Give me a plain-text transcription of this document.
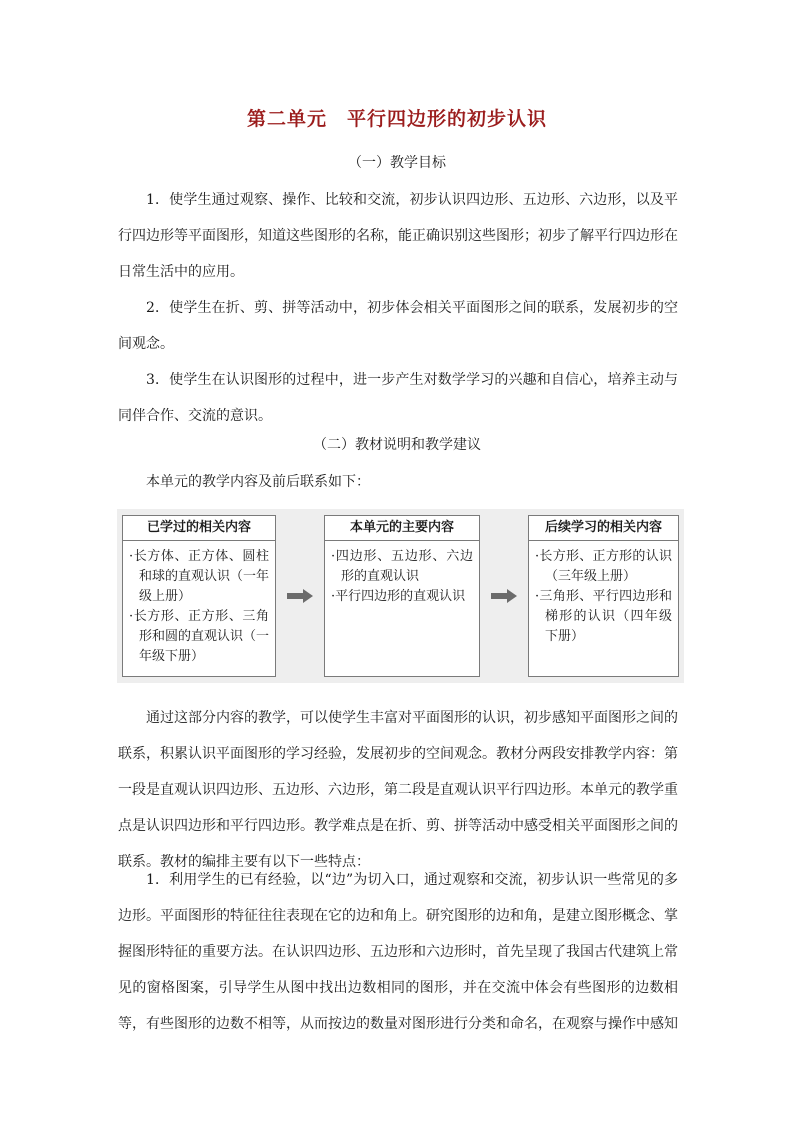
第二单元　平行四边形的初步认识
（一）教学目标

1．使学生通过观察、操作、比较和交流，初步认识四边形、五边形、六边形，以及平行四边形等平面图形，知道这些图形的名称，能正确识别这些图形；初步了解平行四边形在日常生活中的应用。

2．使学生在折、剪、拼等活动中，初步体会相关平面图形之间的联系，发展初步的空间观念。

3．使学生在认识图形的过程中，进一步产生对数学学习的兴趣和自信心，培养主动与同伴合作、交流的意识。

（二）教材说明和教学建议

本单元的教学内容及前后联系如下：

已学过的相关内容
·长方体、正方体、圆柱和球的直观认识（一年级上册）
·长方形、正方形、三角形和圆的直观认识（一年级下册）
本单元的主要内容
·四边形、五边形、六边形的直观认识
·平行四边形的直观认识
后续学习的相关内容
·长方形、正方形的认识（三年级上册）
·三角形、平行四边形和梯形的认识（四年级下册）

通过这部分内容的教学，可以使学生丰富对平面图形的认识，初步感知平面图形之间的联系，积累认识平面图形的学习经验，发展初步的空间观念。教材分两段安排教学内容：第一段是直观认识四边形、五边形、六边形，第二段是直观认识平行四边形。本单元的教学重点是认识四边形和平行四边形。教学难点是在折、剪、拼等活动中感受相关平面图形之间的联系。教材的编排主要有以下一些特点：

1．利用学生的已有经验，以“边”为切入口，通过观察和交流，初步认识一些常见的多边形。平面图形的特征往往表现在它的边和角上。研究图形的边和角，是建立图形概念、掌握图形特征的重要方法。在认识四边形、五边形和六边形时，首先呈现了我国古代建筑上常见的窗格图案，引导学生从图中找出边数相同的图形，并在交流中体会有些图形的边数相等，有些图形的边数不相等，从而按边的数量对图形进行分类和命名，在观察与操作中感知
